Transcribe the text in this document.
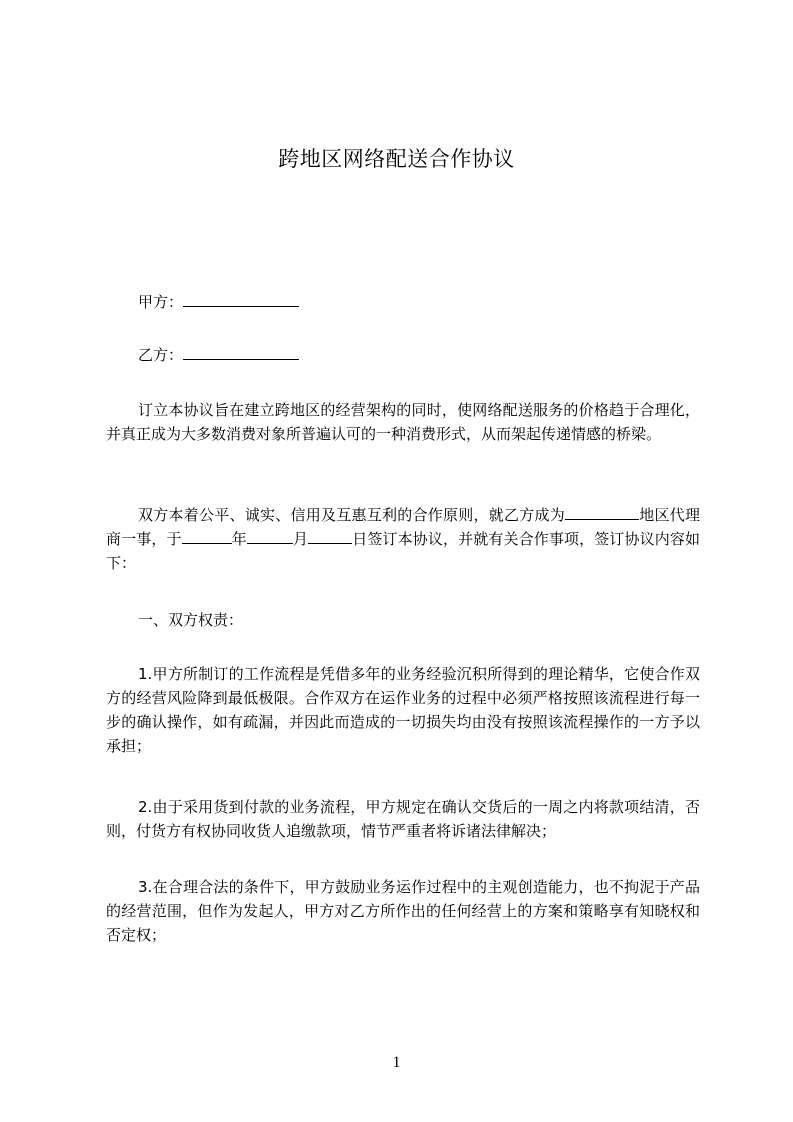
跨地区网络配送合作协议
甲方：
乙方：
订立本协议旨在建立跨地区的经营架构的同时，使网络配送服务的价格趋于合理化，并真正成为大多数消费对象所普遍认可的一种消费形式，从而架起传递情感的桥梁。
双方本着公平、诚实、信用及互惠互利的合作原则，就乙方成为	地区代理商一事，于	年	月	日签订本协议，并就有关合作事项，签订协议内容如下：
一、双方权责：
1.甲方所制订的工作流程是凭借多年的业务经验沉积所得到的理论精华，它使合作双方的经营风险降到最低极限。合作双方在运作业务的过程中必须严格按照该流程进行每一步的确认操作，如有疏漏，并因此而造成的一切损失均由没有按照该流程操作的一方予以承担；
2.由于采用货到付款的业务流程，甲方规定在确认交货后的一周之内将款项结清，否则，付货方有权协同收货人追缴款项，情节严重者将诉诸法律解决；
3.在合理合法的条件下，甲方鼓励业务运作过程中的主观创造能力，也不拘泥于产品的经营范围，但作为发起人，甲方对乙方所作出的任何经营上的方案和策略享有知晓权和否定权；
1
